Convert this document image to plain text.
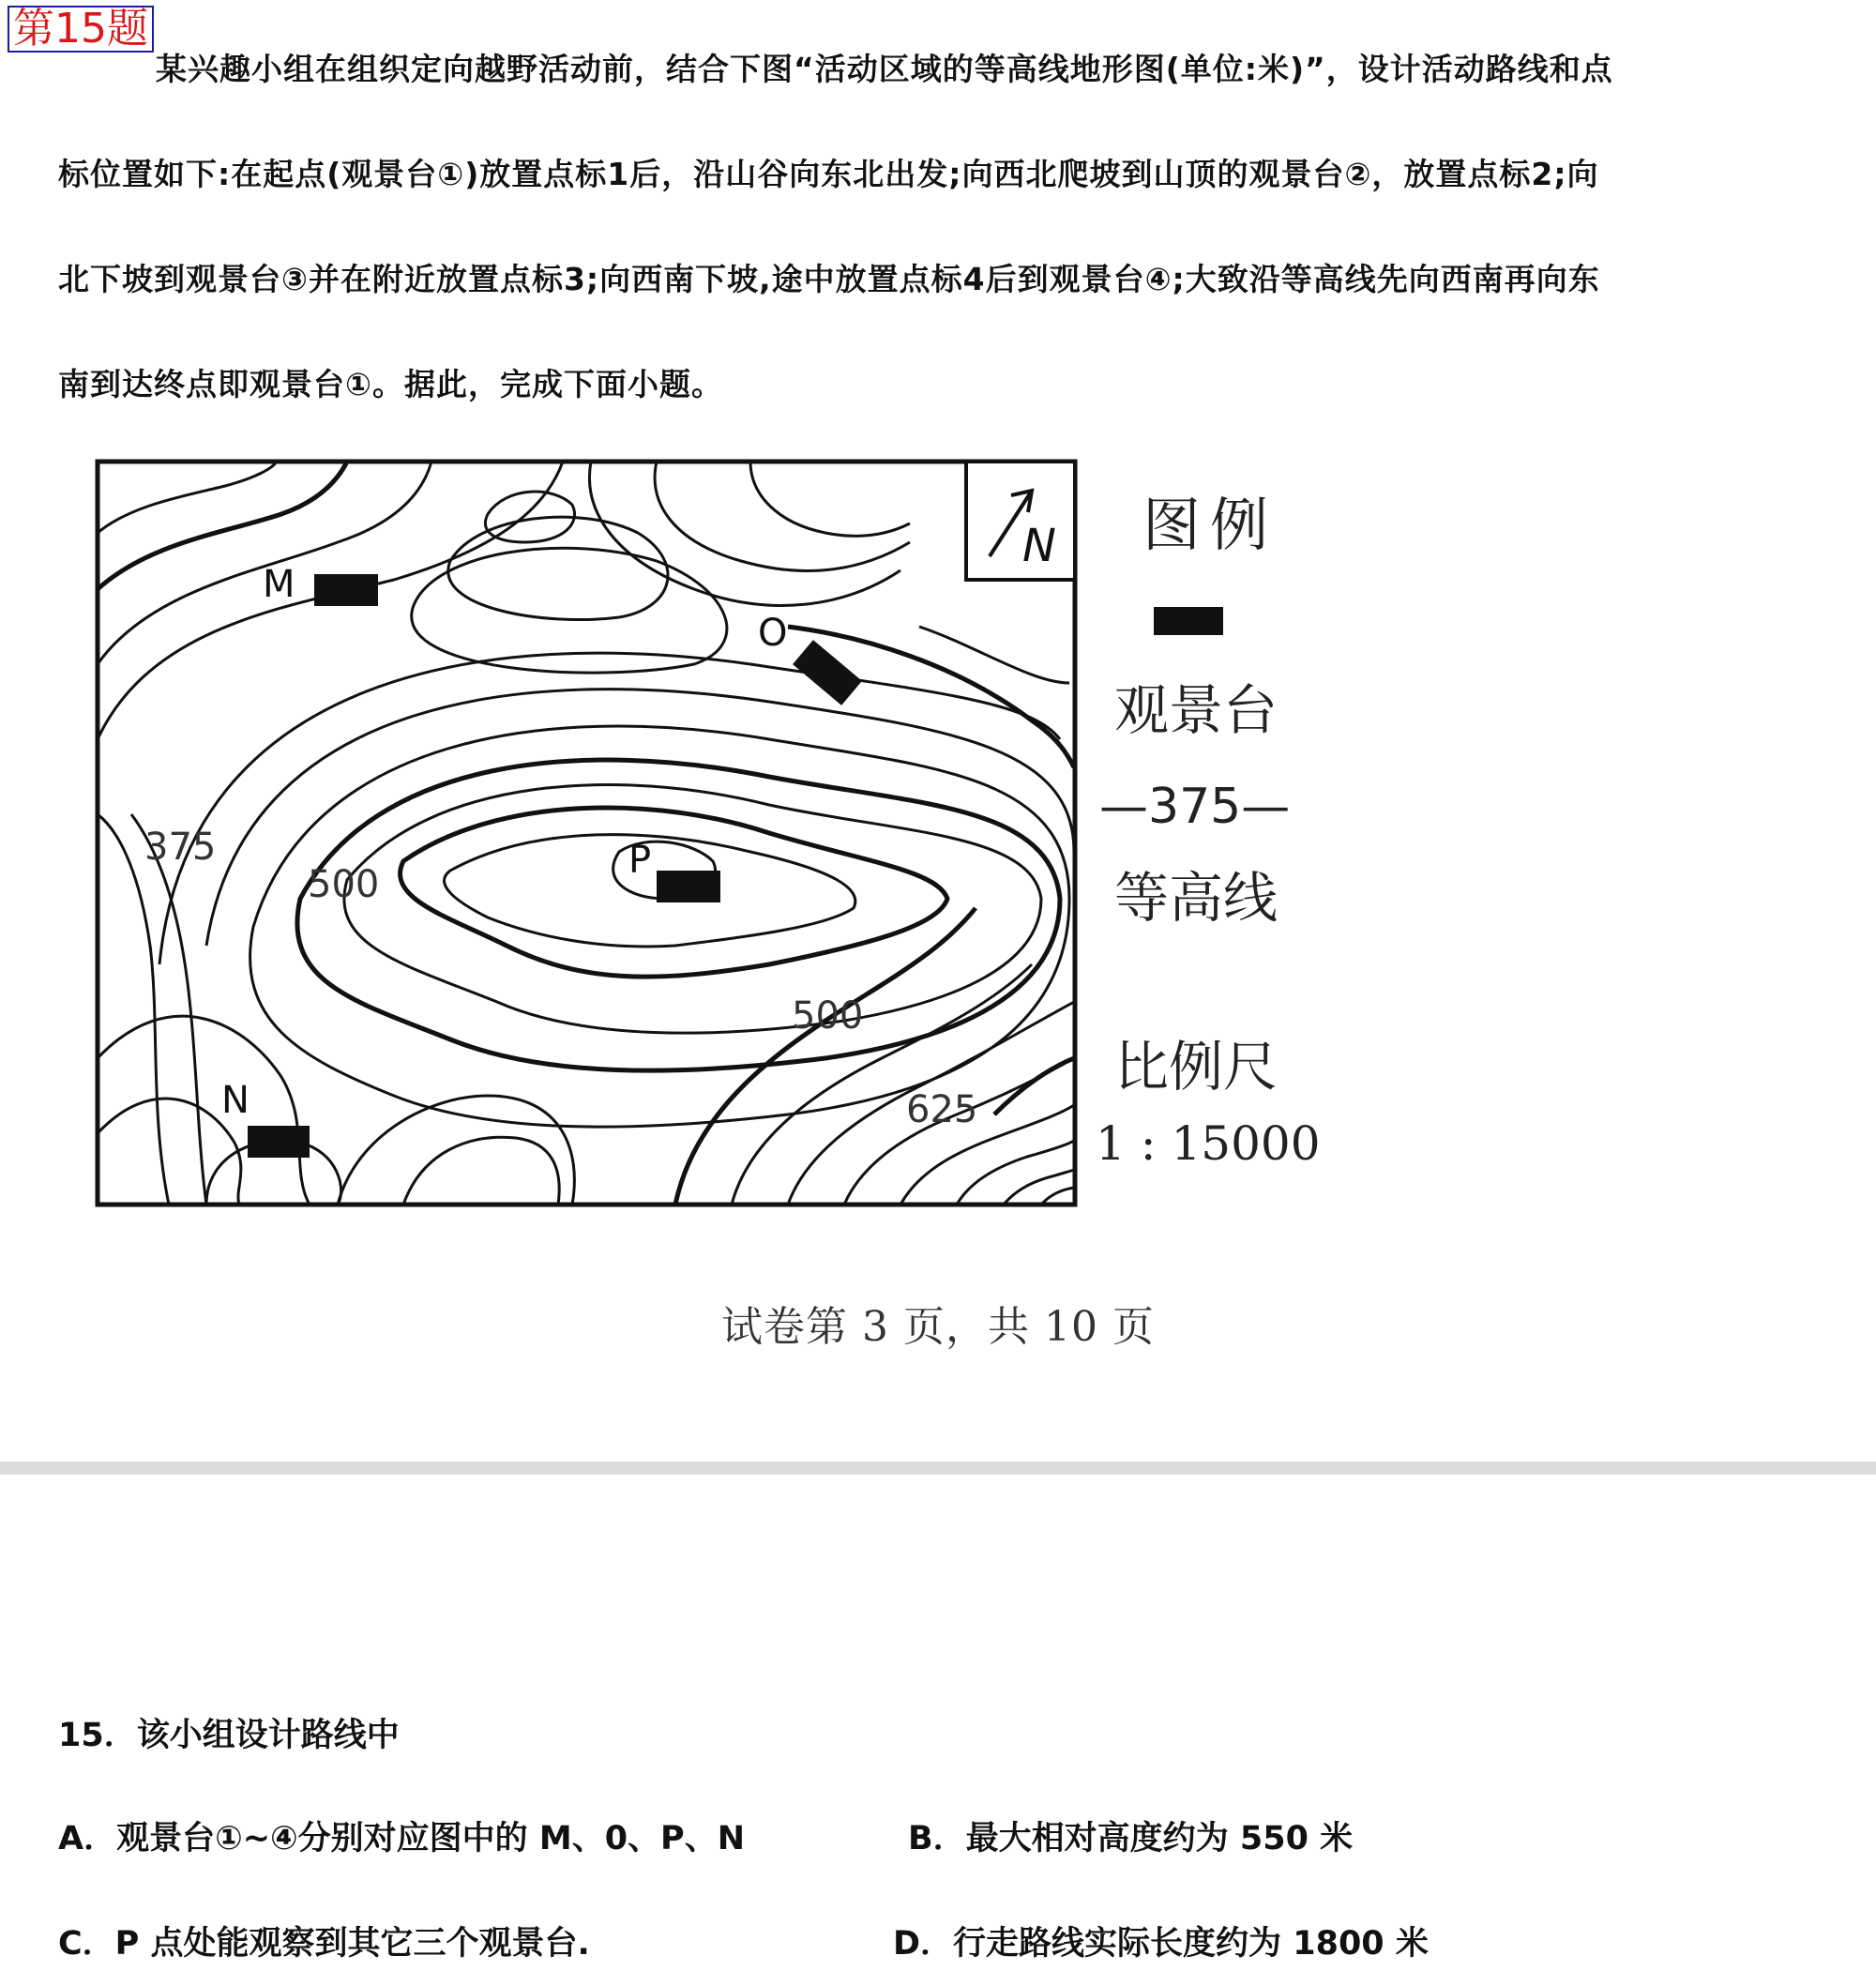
第15题
某兴趣小组在组织定向越野活动前，结合下图“活动区域的等高线地形图(单位:米)”，设计活动路线和点
标位置如下:在起点(观景台①)放置点标1后，沿山谷向东北出发;向西北爬坡到山顶的观景台②，放置点标2;向
北下坡到观景台③并在附近放置点标3;向西南下坡,途中放置点标4后到观景台④;大致沿等高线先向西南再向东
南到达终点即观景台①。据此，完成下面小题。
N
M
O
P
N
375
500
500
625
图例
观景台
—375—
等高线
比例尺
1 : 15000
试卷第 3 页，共 10 页
15．该小组设计路线中
A．观景台①~④分别对应图中的 M、0、P、N	B．最大相对高度约为 550 米
C．P 点处能观察到其它三个观景台.	D．行走路线实际长度约为 1800 米
